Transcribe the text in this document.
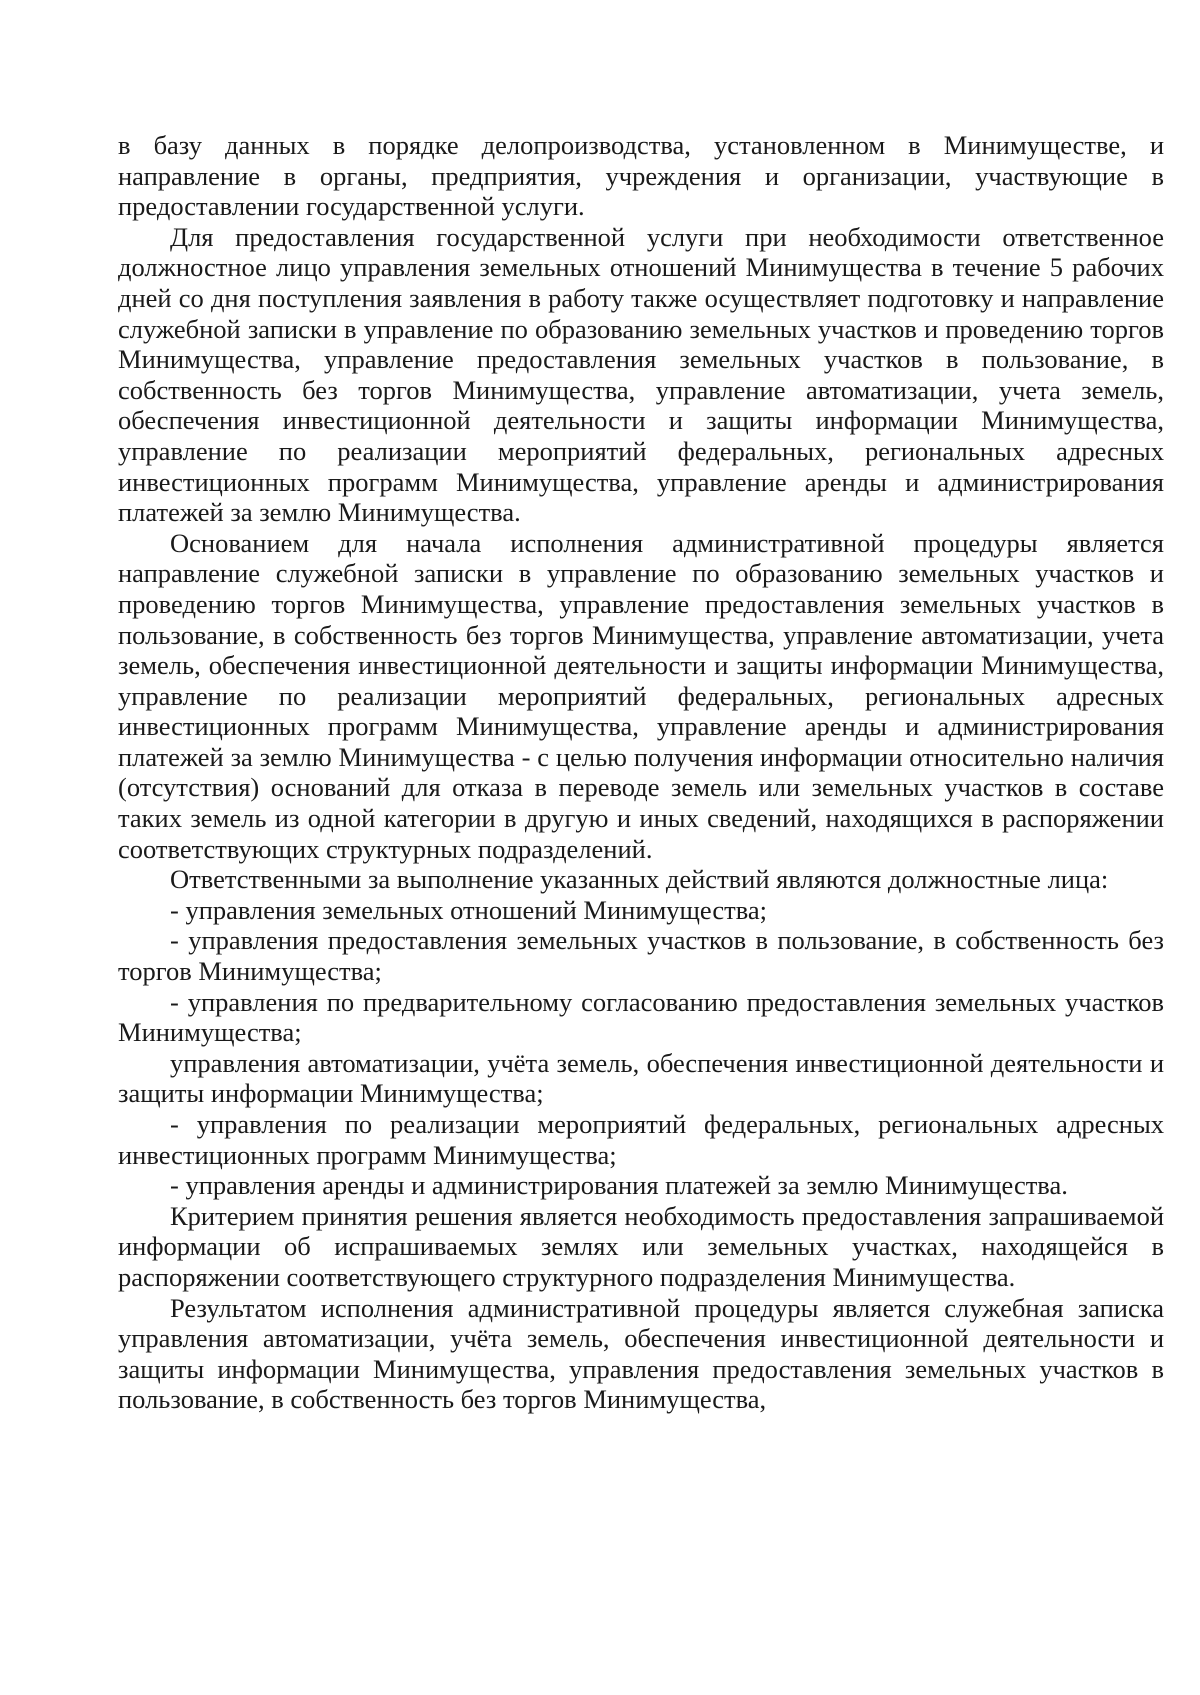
в базу данных в порядке делопроизводства, установленном в Минимуществе, и направление в органы, предприятия, учреждения и организации, участвующие в предоставлении государственной услуги.

Для предоставления государственной услуги при необходимости ответственное должностное лицо управления земельных отношений Минимущества в течение 5 рабочих дней со дня поступления заявления в работу также осуществляет подготовку и направление служебной записки в управление по образованию земельных участков и проведению торгов Минимущества, управление предоставления земельных участков в пользование, в собственность без торгов Минимущества, управление автоматизации, учета земель, обеспечения инвестиционной деятельности и защиты информации Минимущества, управление по реализации мероприятий федеральных, региональных адресных инвестиционных программ Минимущества, управление аренды и администрирования платежей за землю Минимущества.

Основанием для начала исполнения административной процедуры является направление служебной записки в управление по образованию земельных участков и проведению торгов Минимущества, управление предоставления земельных участков в пользование, в собственность без торгов Минимущества, управление автоматизации, учета земель, обеспечения инвестиционной деятельности и защиты информации Минимущества, управление по реализации мероприятий федеральных, региональных адресных инвестиционных программ Минимущества, управление аренды и администрирования платежей за землю Минимущества - с целью получения информации относительно наличия (отсутствия) оснований для отказа в переводе земель или земельных участков в составе таких земель из одной категории в другую и иных сведений, находящихся в распоряжении соответствующих структурных подразделений.

Ответственными за выполнение указанных действий являются должностные лица:

- управления земельных отношений Минимущества;

- управления предоставления земельных участков в пользование, в собственность без торгов Минимущества;

- управления по предварительному согласованию предоставления земельных участков Минимущества;

управления автоматизации, учёта земель, обеспечения инвестиционной деятельности и защиты информации Минимущества;

- управления по реализации мероприятий федеральных, региональных адресных инвестиционных программ Минимущества;

- управления аренды и администрирования платежей за землю Минимущества.

Критерием принятия решения является необходимость предоставления запрашиваемой информации об испрашиваемых землях или земельных участках, находящейся в распоряжении соответствующего структурного подразделения Минимущества.

Результатом исполнения административной процедуры является служебная записка управления автоматизации, учёта земель, обеспечения инвестиционной деятельности и защиты информации Минимущества, управления предоставления земельных участков в пользование, в собственность без торгов Минимущества,
